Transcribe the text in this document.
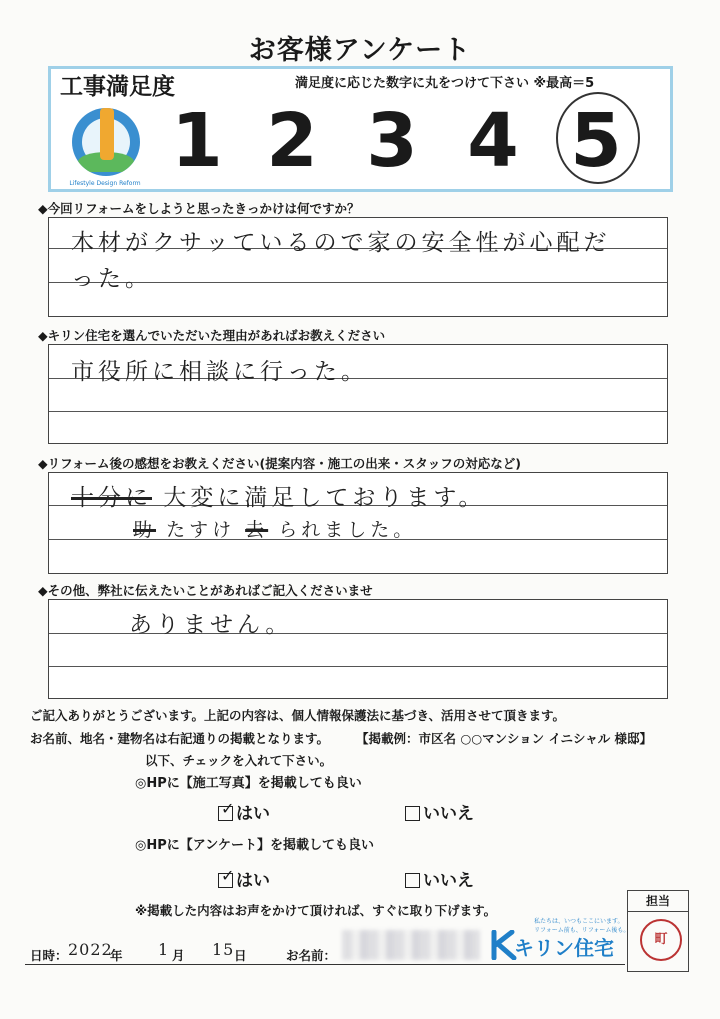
お客様アンケート
工事満足度	満足度に応じた数字に丸をつけて下さい ※最高＝5
Lifestyle Design Reform 1 2 3 4 5
◆今回リフォームをしようと思ったきっかけは何ですか？
木材がクサッているので家の安全性が心配だ
った。
◆キリン住宅を選んでいただいた理由があればお教えください
市役所に相談に行った。
◆リフォーム後の感想をお教えください(提案内容・施工の出来・スタッフの対応など)
十分に 大変に満足しております。
助 たすけ 去 られました。
◆その他、弊社に伝えたいことがあればご記入くださいませ
ありません。
ご記入ありがとうございます。上記の内容は、個人情報保護法に基づき、活用させて頂きます。
お名前、地名・建物名は右記通りの掲載となります。 【掲載例：市区名 ○○マンション イニシャル 様邸】
以下、チェックを入れて下さい。
◎HPに【施工写真】を掲載しても良い
✓ はい	いいえ
◎HPに【アンケート】を掲載しても良い
✓ はい	いいえ
※掲載した内容はお声をかけて頂ければ、すぐに取り下げます。
日時： 2022
年 1 月 15 日	お名前：
私たちは、いつもここにいます。
リフォーム前も、リフォーム後も。
キリン住宅
担当
町
